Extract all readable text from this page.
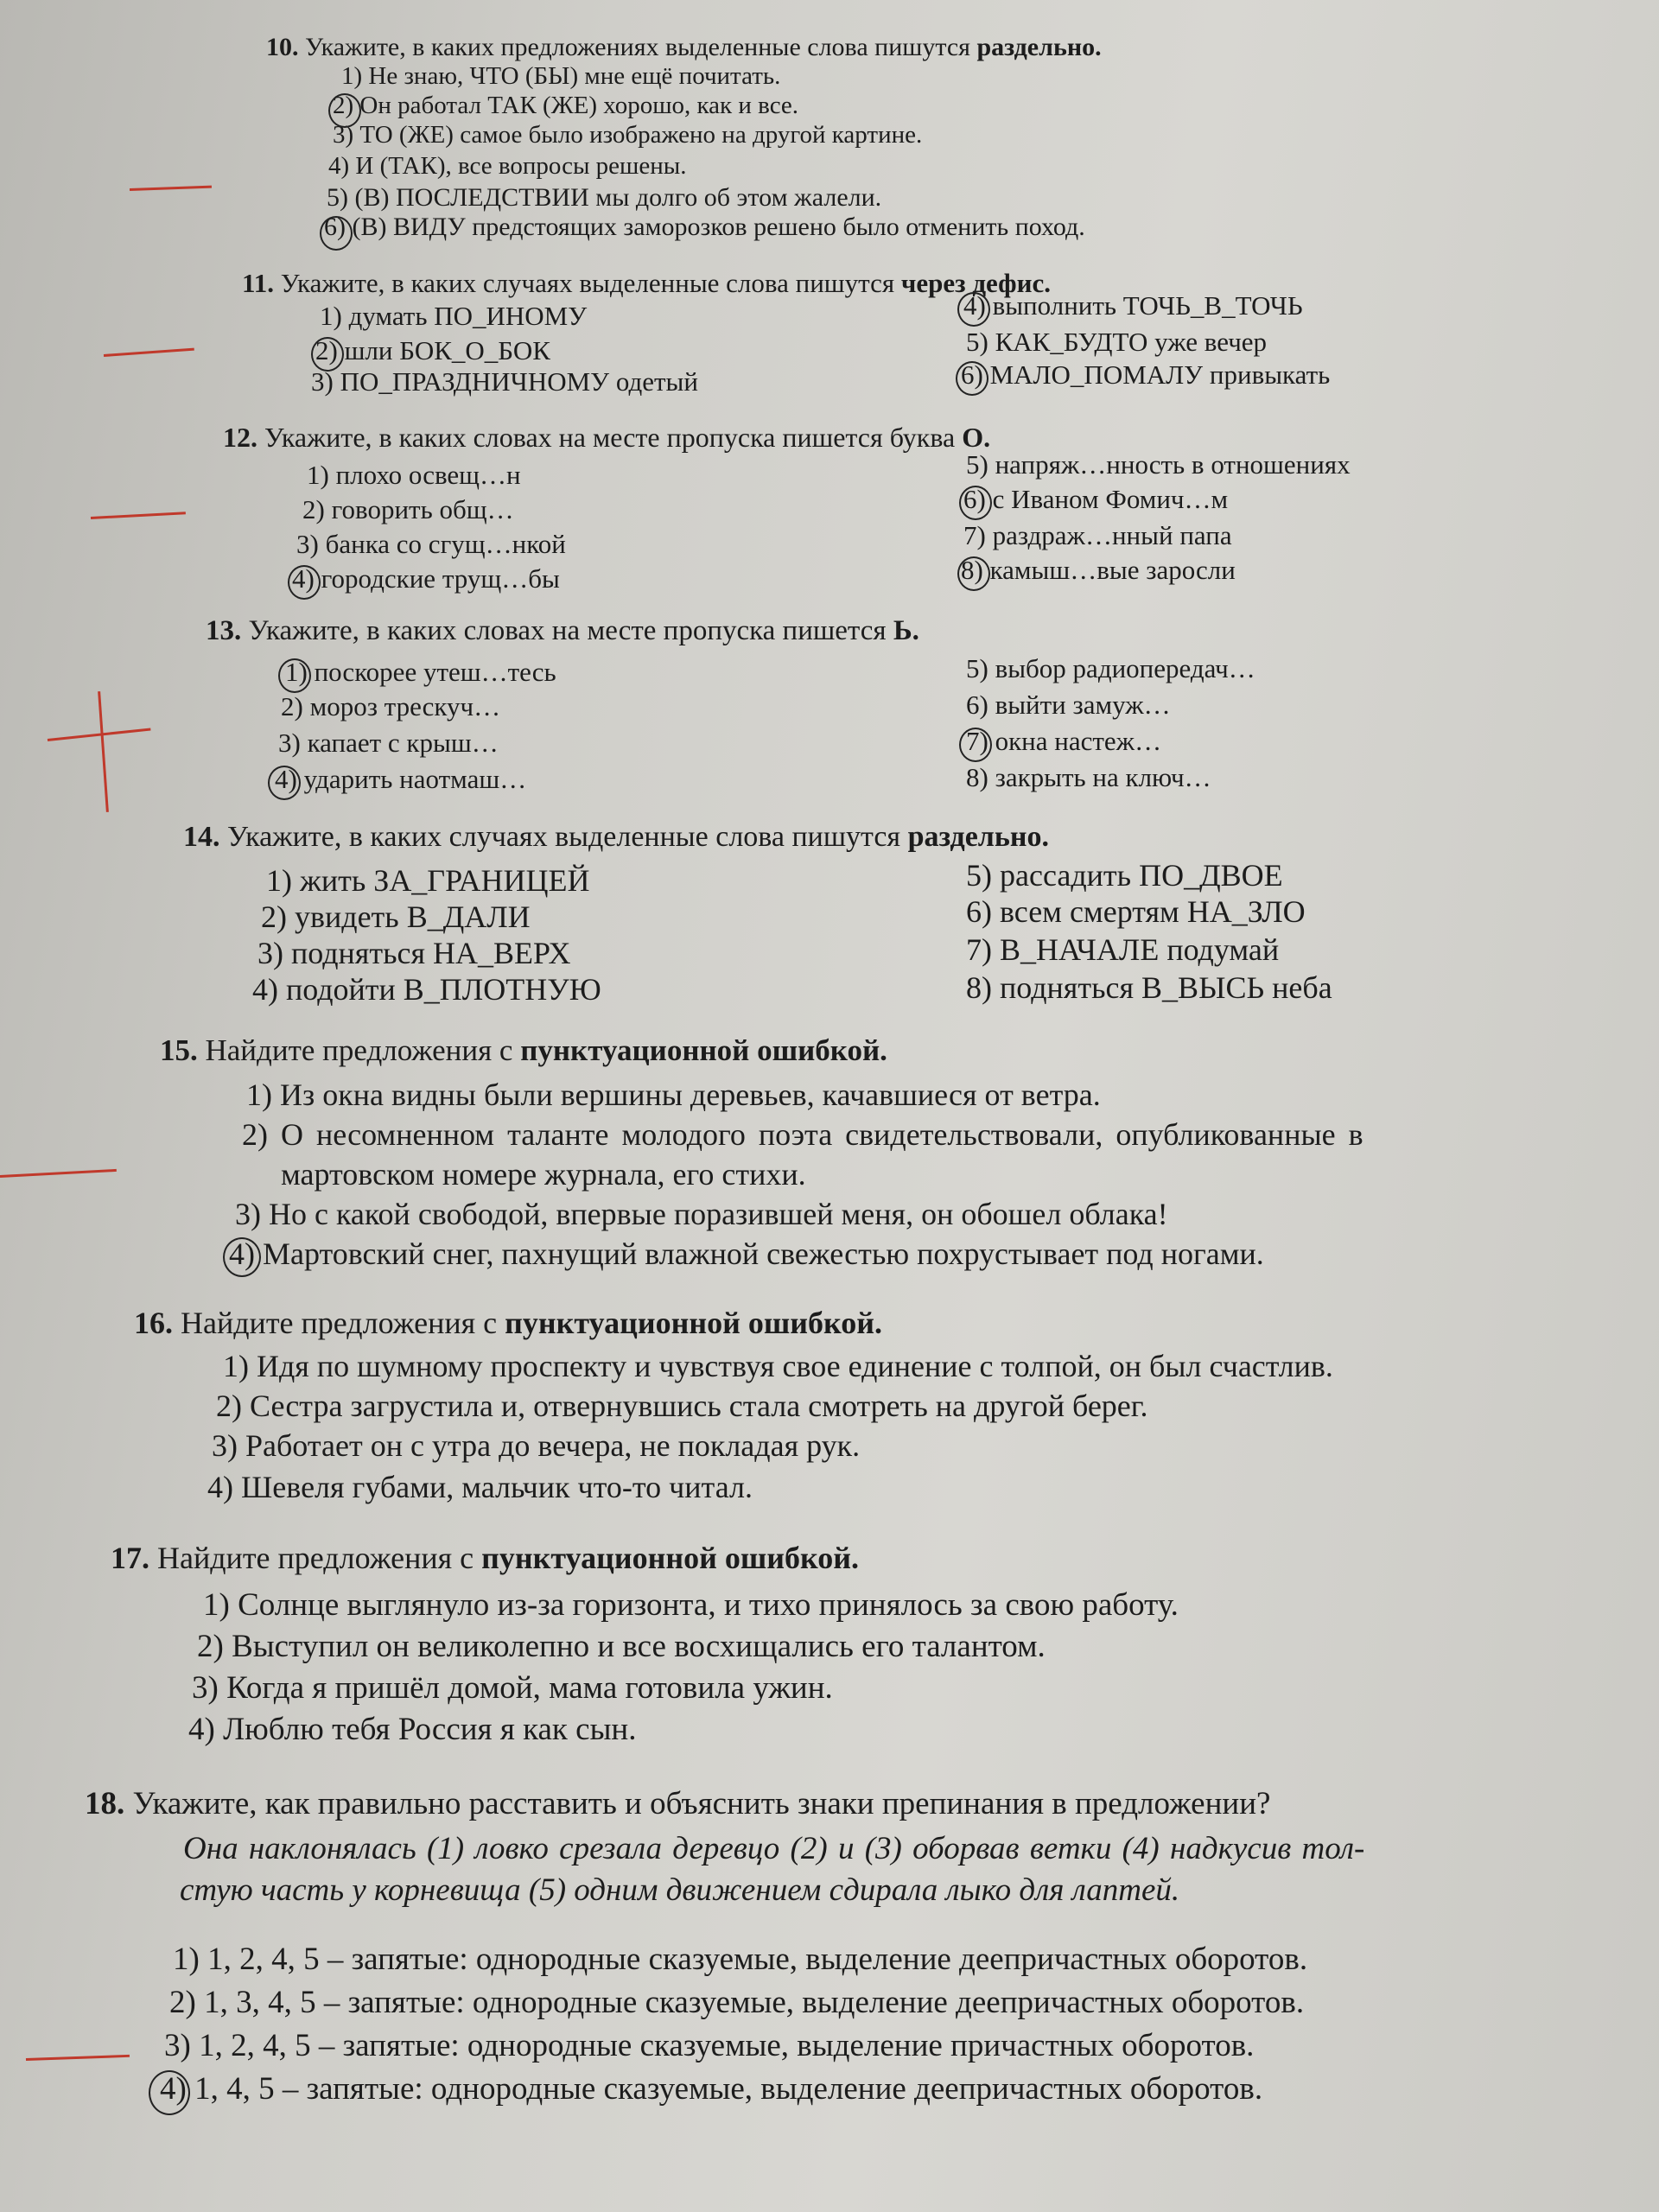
10. Укажите, в каких предложениях выделенные слова пишутся раздельно.
1) Не знаю, ЧТО (БЫ) мне ещё почитать.
2) Он работал ТАК (ЖЕ) хорошо, как и все.
3) ТО (ЖЕ) самое было изображено на другой картине.
4) И (ТАК), все вопросы решены.
5) (В) ПОСЛЕДСТВИИ мы долго об этом жалели.
6) (В) ВИДУ предстоящих заморозков решено было отменить поход.
11. Укажите, в каких случаях выделенные слова пишутся через дефис.
1) думать ПО_ИНОМУ
2) шли БОК_О_БОК
3) ПО_ПРАЗДНИЧНОМУ одетый
4) выполнить ТОЧЬ_В_ТОЧЬ
5) КАК_БУДТО уже вечер
6) МАЛО_ПОМАЛУ привыкать
12. Укажите, в каких словах на месте пропуска пишется буква О.
1) плохо освещ…н
2) говорить общ…
3) банка со сгущ…нкой
4) городские трущ…бы
5) напряж…нность в отношениях
6) с Иваном Фомич…м
7) раздраж…нный папа
8) камыш…вые заросли
13. Укажите, в каких словах на месте пропуска пишется Ь.
1) поскорее утеш…тесь
2) мороз трескуч…
3) капает с крыш…
4) ударить наотмаш…
5) выбор радиопередач…
6) выйти замуж…
7) окна настеж…
8) закрыть на ключ…
14. Укажите, в каких случаях выделенные слова пишутся раздельно.
1) жить ЗА_ГРАНИЦЕЙ
2) увидеть В_ДАЛИ
3) подняться НА_ВЕРХ
4) подойти В_ПЛОТНУЮ
5) рассадить ПО_ДВОЕ
6) всем смертям НА_ЗЛО
7) В_НАЧАЛЕ подумай
8) подняться В_ВЫСЬ неба
15. Найдите предложения с пунктуационной ошибкой.
1) Из окна видны были вершины деревьев, качавшиеся от ветра.
2) О несомненном таланте молодого поэта свидетельствовали, опубликованные в
мартовском номере журнала, его стихи.
3) Но с какой свободой, впервые поразившей меня, он обошел облака!
4) Мартовский снег, пахнущий влажной свежестью похрустывает под ногами.
16. Найдите предложения с пунктуационной ошибкой.
1) Идя по шумному проспекту и чувствуя свое единение с толпой, он был счастлив.
2) Сестра загрустила и, отвернувшись стала смотреть на другой берег.
3) Работает он с утра до вечера, не покладая рук.
4) Шевеля губами, мальчик что-то читал.
17. Найдите предложения с пунктуационной ошибкой.
1) Солнце выглянуло из-за горизонта, и тихо принялось за свою работу.
2) Выступил он великолепно и все восхищались его талантом.
3) Когда я пришёл домой, мама готовила ужин.
4) Люблю тебя Россия я как сын.
18. Укажите, как правильно расставить и объяснить знаки препинания в предложении?
Она наклонялась (1) ловко срезала деревцо (2) и (3) оборвав ветки (4) надкусив тол-
стую часть у корневища (5) одним движением сдирала лыко для лаптей.
1) 1, 2, 4, 5 – запятые: однородные сказуемые, выделение деепричастных оборотов.
2) 1, 3, 4, 5 – запятые: однородные сказуемые, выделение деепричастных оборотов.
3) 1, 2, 4, 5 – запятые: однородные сказуемые, выделение причастных оборотов.
4) 1, 4, 5 – запятые: однородные сказуемые, выделение деепричастных оборотов.
